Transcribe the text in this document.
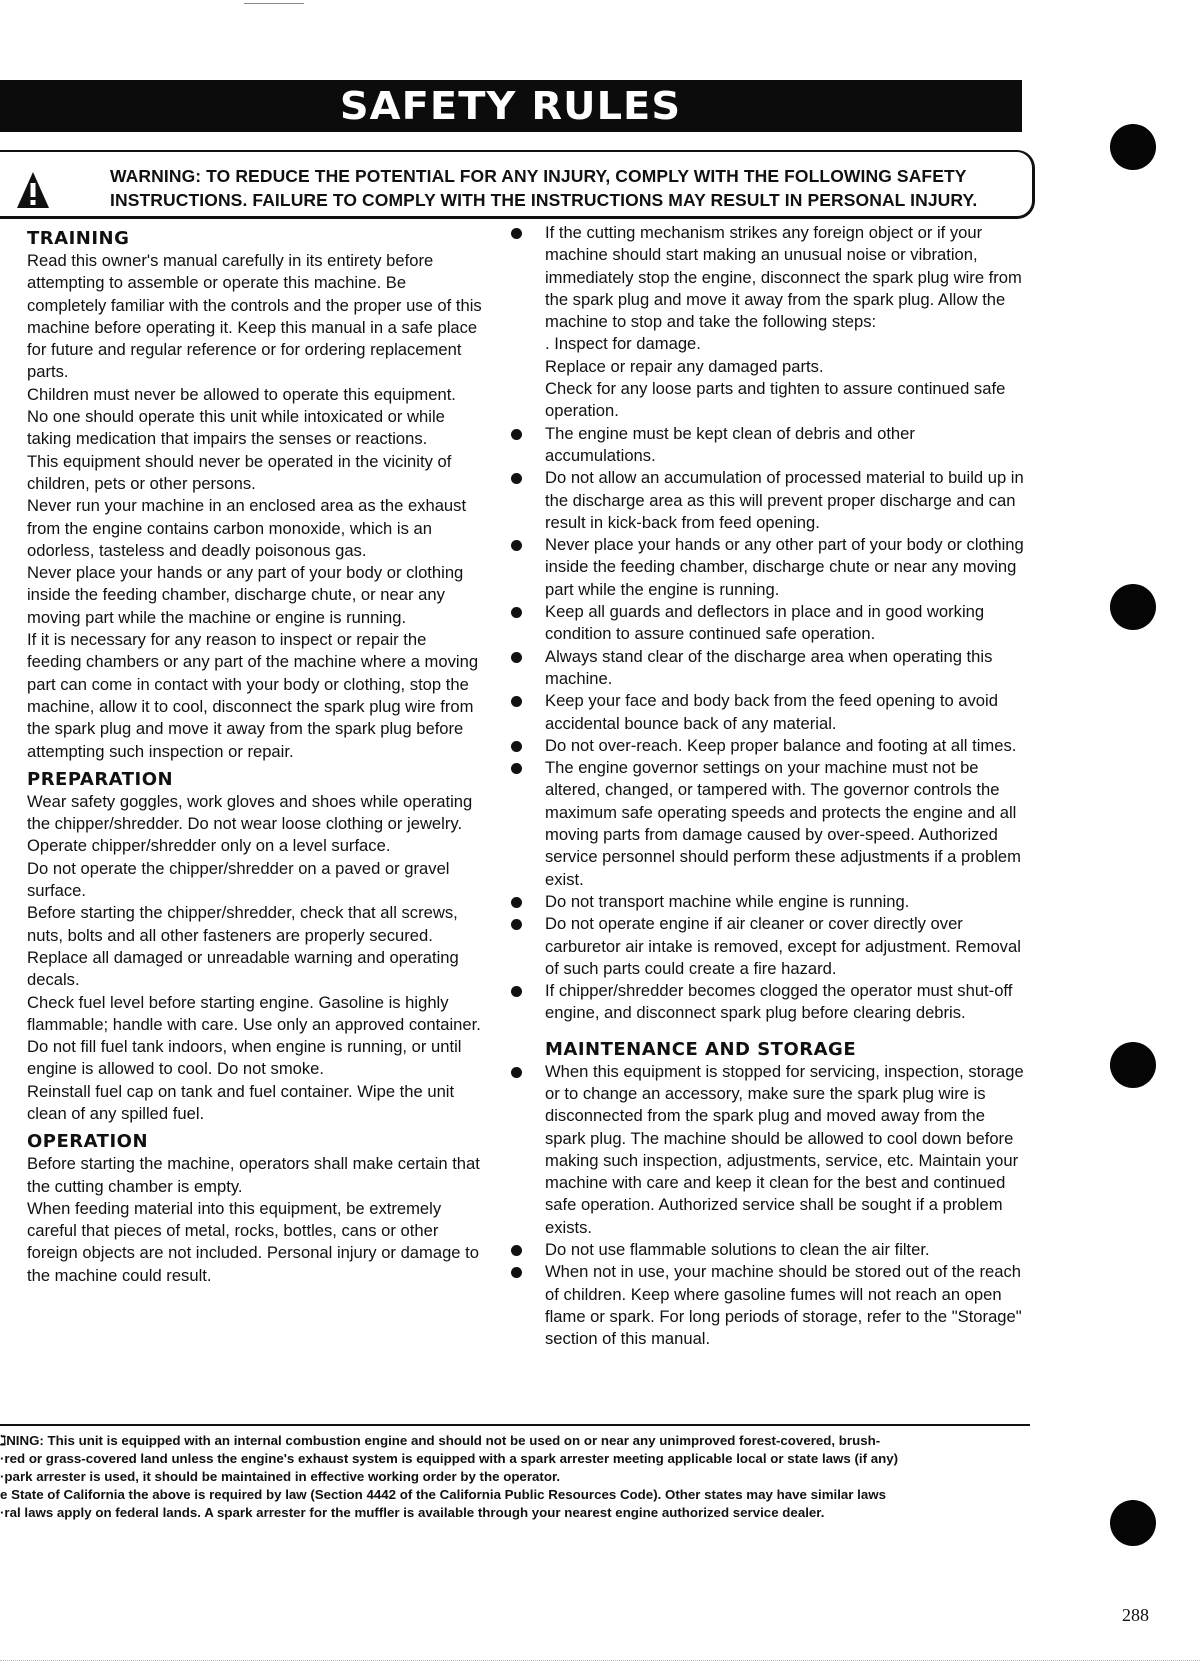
SAFETY RULES
WARNING: TO REDUCE THE POTENTIAL FOR ANY INJURY, COMPLY WITH THE FOLLOWING SAFETY INSTRUCTIONS. FAILURE TO COMPLY WITH THE INSTRUCTIONS MAY RESULT IN PERSONAL INJURY.

TRAINING

Read this owner's manual carefully in its entirety before attempting to assemble or operate this machine. Be completely familiar with the controls and the proper use of this machine before operating it. Keep this manual in a safe place for future and regular reference or for ordering replacement parts.

Children must never be allowed to operate this equipment.

No one should operate this unit while intoxicated or while taking medication that impairs the senses or reactions.

This equipment should never be operated in the vicinity of children, pets or other persons.

Never run your machine in an enclosed area as the exhaust from the engine contains carbon monoxide, which is an odorless, tasteless and deadly poisonous gas.

Never place your hands or any part of your body or clothing inside the feeding chamber, discharge chute, or near any moving part while the machine or engine is running.

If it is necessary for any reason to inspect or repair the feeding chambers or any part of the machine where a moving part can come in contact with your body or clothing, stop the machine, allow it to cool, disconnect the spark plug wire from the spark plug and move it away from the spark plug before attempting such inspection or repair.

PREPARATION

Wear safety goggles, work gloves and shoes while operating the chipper/shredder. Do not wear loose clothing or jewelry.

Operate chipper/shredder only on a level surface.

Do not operate the chipper/shredder on a paved or gravel surface.

Before starting the chipper/shredder, check that all screws, nuts, bolts and all other fasteners are properly secured. Replace all damaged or unreadable warning and operating decals.

Check fuel level before starting engine. Gasoline is highly flammable; handle with care. Use only an approved container.

Do not fill fuel tank indoors, when engine is running, or until engine is allowed to cool. Do not smoke.

Reinstall fuel cap on tank and fuel container. Wipe the unit clean of any spilled fuel.

OPERATION

Before starting the machine, operators shall make certain that the cutting chamber is empty.

When feeding material into this equipment, be extremely careful that pieces of metal, rocks, bottles, cans or other foreign objects are not included. Personal injury or damage to the machine could result.

If the cutting mechanism strikes any foreign object or if your machine should start making an unusual noise or vibration, immediately stop the engine, disconnect the spark plug wire from the spark plug and move it away from the spark plug. Allow the machine to stop and take the following steps:

. Inspect for damage.

Replace or repair any damaged parts.

Check for any loose parts and tighten to assure continued safe operation.

The engine must be kept clean of debris and other accumulations.

Do not allow an accumulation of processed material to build up in the discharge area as this will prevent proper discharge and can result in kick-back from feed opening.

Never place your hands or any other part of your body or clothing inside the feeding chamber, discharge chute or near any moving part while the engine is running.

Keep all guards and deflectors in place and in good working condition to assure continued safe operation.

Always stand clear of the discharge area when operating this machine.

Keep your face and body back from the feed opening to avoid accidental bounce back of any material.

Do not over-reach. Keep proper balance and footing at all times.

The engine governor settings on your machine must not be altered, changed, or tampered with. The governor controls the maximum safe operating speeds and protects the engine and all moving parts from damage caused by over-speed. Authorized service personnel should perform these adjustments if a problem exist.

Do not transport machine while engine is running.

Do not operate engine if air cleaner or cover directly over carburetor air intake is removed, except for adjustment. Removal of such parts could create a fire hazard.

If chipper/shredder becomes clogged the operator must shut-off engine, and disconnect spark plug before clearing debris.

MAINTENANCE AND STORAGE

When this equipment is stopped for servicing, inspection, storage or to change an accessory, make sure the spark plug wire is disconnected from the spark plug and moved away from the spark plug. The machine should be allowed to cool down before making such inspection, adjustments, service, etc. Maintain your machine with care and keep it clean for the best and continued safe operation. Authorized service shall be sought if a problem exists.

Do not use flammable solutions to clean the air filter.

When not in use, your machine should be stored out of the reach of children. Keep where gasoline fumes will not reach an open flame or spark. For long periods of storage, refer to the "Storage" section of this manual.

ℷNING: This unit is equipped with an internal combustion engine and should not be used on or near any unimproved forest-covered, brush-

·red or grass-covered land unless the engine's exhaust system is equipped with a spark arrester meeting applicable local or state laws (if any)

·park arrester is used, it should be maintained in effective working order by the operator.

e State of California the above is required by law (Section 4442 of the California Public Resources Code). Other states may have similar laws

·ral laws apply on federal lands. A spark arrester for the muffler is available through your nearest engine authorized service dealer.

288
